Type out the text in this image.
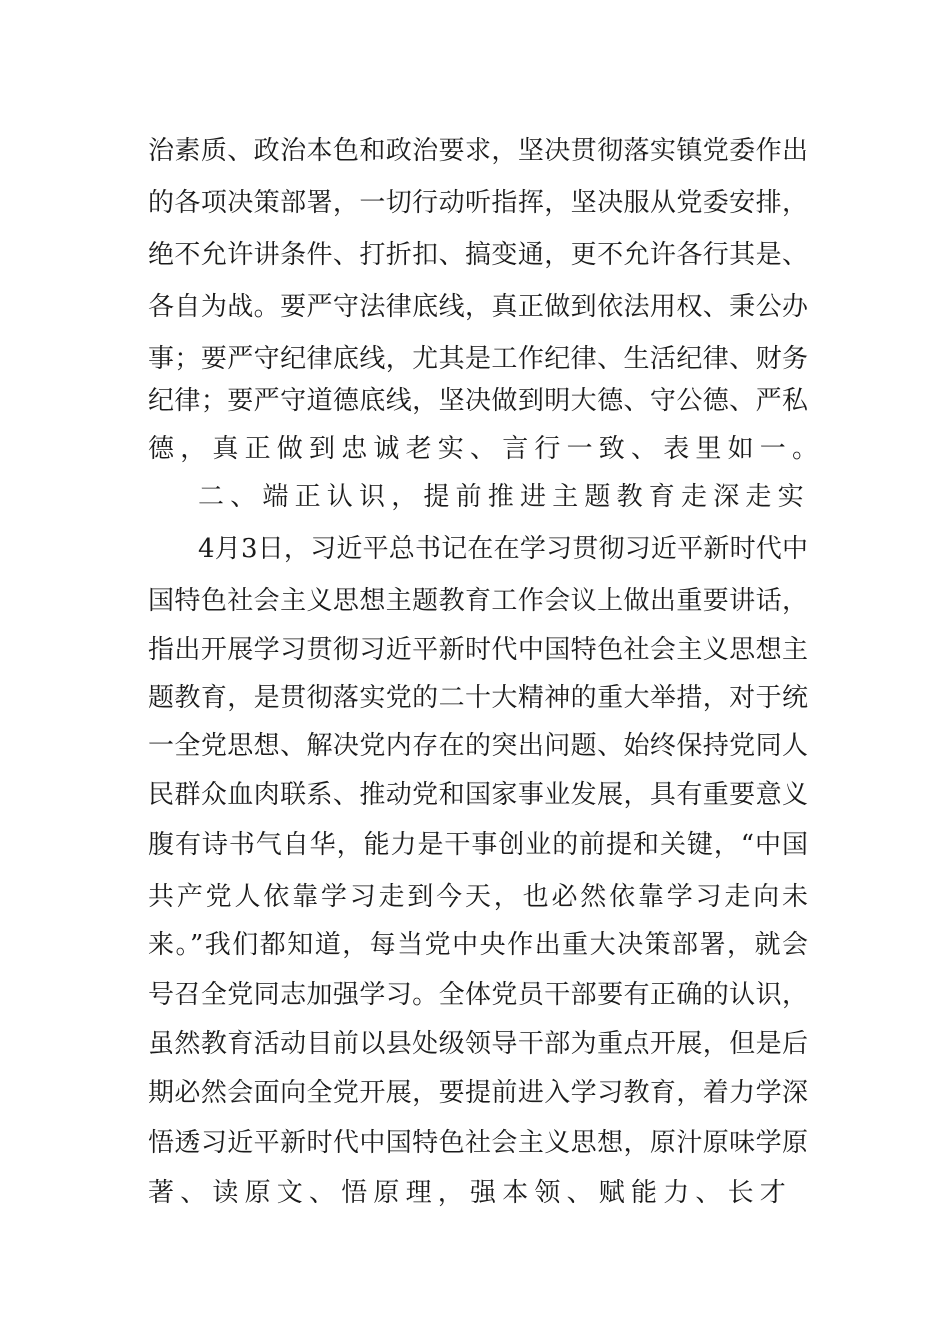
治素质、政治本色和政治要求，坚决贯彻落实镇党委作出
的各项决策部署，一切行动听指挥，坚决服从党委安排，
绝不允许讲条件、打折扣、搞变通，更不允许各行其是、
各自为战。要严守法律底线，真正做到依法用权、秉公办
事；要严守纪律底线，尤其是工作纪律、生活纪律、财务
纪律；要严守道德底线，坚决做到明大德、守公德、严私
德，真正做到忠诚老实、言行一致、表里如一。
二、端正认识，提前推进主题教育走深走实
4月3日，习近平总书记在在学习贯彻习近平新时代中
国特色社会主义思想主题教育工作会议上做出重要讲话，
指出开展学习贯彻习近平新时代中国特色社会主义思想主
题教育，是贯彻落实党的二十大精神的重大举措，对于统
一全党思想、解决党内存在的突出问题、始终保持党同人
民群众血肉联系、推动党和国家事业发展，具有重要意义
腹有诗书气自华，能力是干事创业的前提和关键，“中国
共产党人依靠学习走到今天，也必然依靠学习走向未
来。”我们都知道，每当党中央作出重大决策部署，就会
号召全党同志加强学习。全体党员干部要有正确的认识，
虽然教育活动目前以县处级领导干部为重点开展，但是后
期必然会面向全党开展，要提前进入学习教育，着力学深
悟透习近平新时代中国特色社会主义思想，原汁原味学原
著、读原文、悟原理，强本领、赋能力、长才
